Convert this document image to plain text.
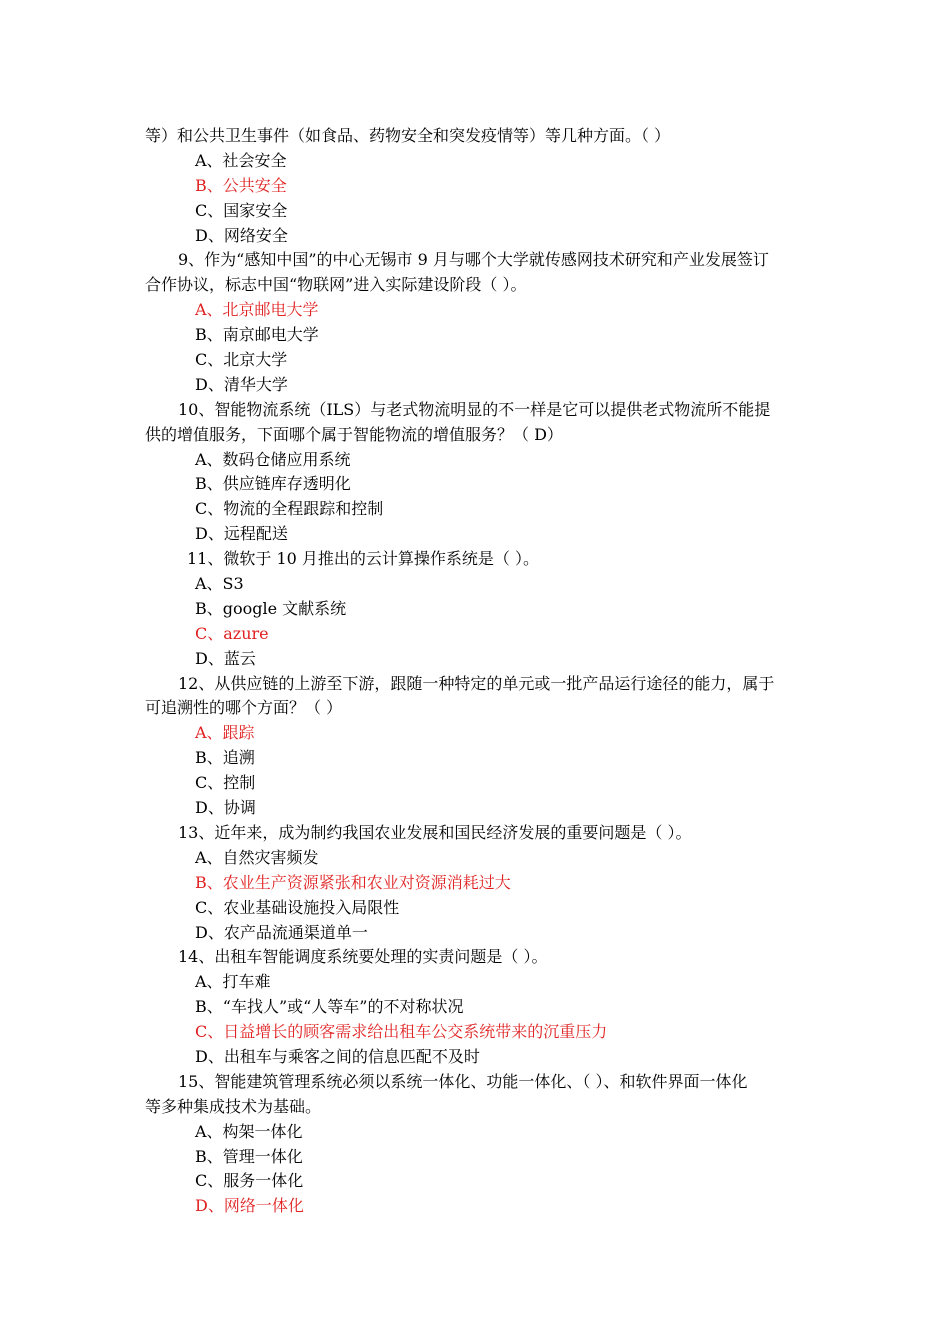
等）和公共卫生事件（如食品、药物安全和突发疫情等）等几种方面。（ ）
A、社会安全
B、公共安全
C、国家安全
D、网络安全
9、作为“感知中国”的中心无锡市 9 月与哪个大学就传感网技术研究和产业发展签订
合作协议，标志中国“物联网”进入实际建设阶段（ ）。
A、北京邮电大学
B、南京邮电大学
C、北京大学
D、清华大学
10、智能物流系统（ILS）与老式物流明显的不一样是它可以提供老式物流所不能提
供的增值服务，下面哪个属于智能物流的增值服务？（ D）
A、数码仓储应用系统
B、供应链库存透明化
C、物流的全程跟踪和控制
D、远程配送
11、微软于 10 月推出的云计算操作系统是（ ）。
A、S3
B、google 文献系统
C、azure
D、蓝云
12、从供应链的上游至下游，跟随一种特定的单元或一批产品运行途径的能力，属于
可追溯性的哪个方面？（ ）
A、跟踪
B、追溯
C、控制
D、协调
13、近年来，成为制约我国农业发展和国民经济发展的重要问题是（ ）。
A、自然灾害频发
B、农业生产资源紧张和农业对资源消耗过大
C、农业基础设施投入局限性
D、农产品流通渠道单一
14、出租车智能调度系统要处理的实责问题是（ ）。
A、打车难
B、“车找人”或“人等车”的不对称状况
C、日益增长的顾客需求给出租车公交系统带来的沉重压力
D、出租车与乘客之间的信息匹配不及时
15、智能建筑管理系统必须以系统一体化、功能一体化、（ ）、和软件界面一体化
等多种集成技术为基础。
A、构架一体化
B、管理一体化
C、服务一体化
D、网络一体化
